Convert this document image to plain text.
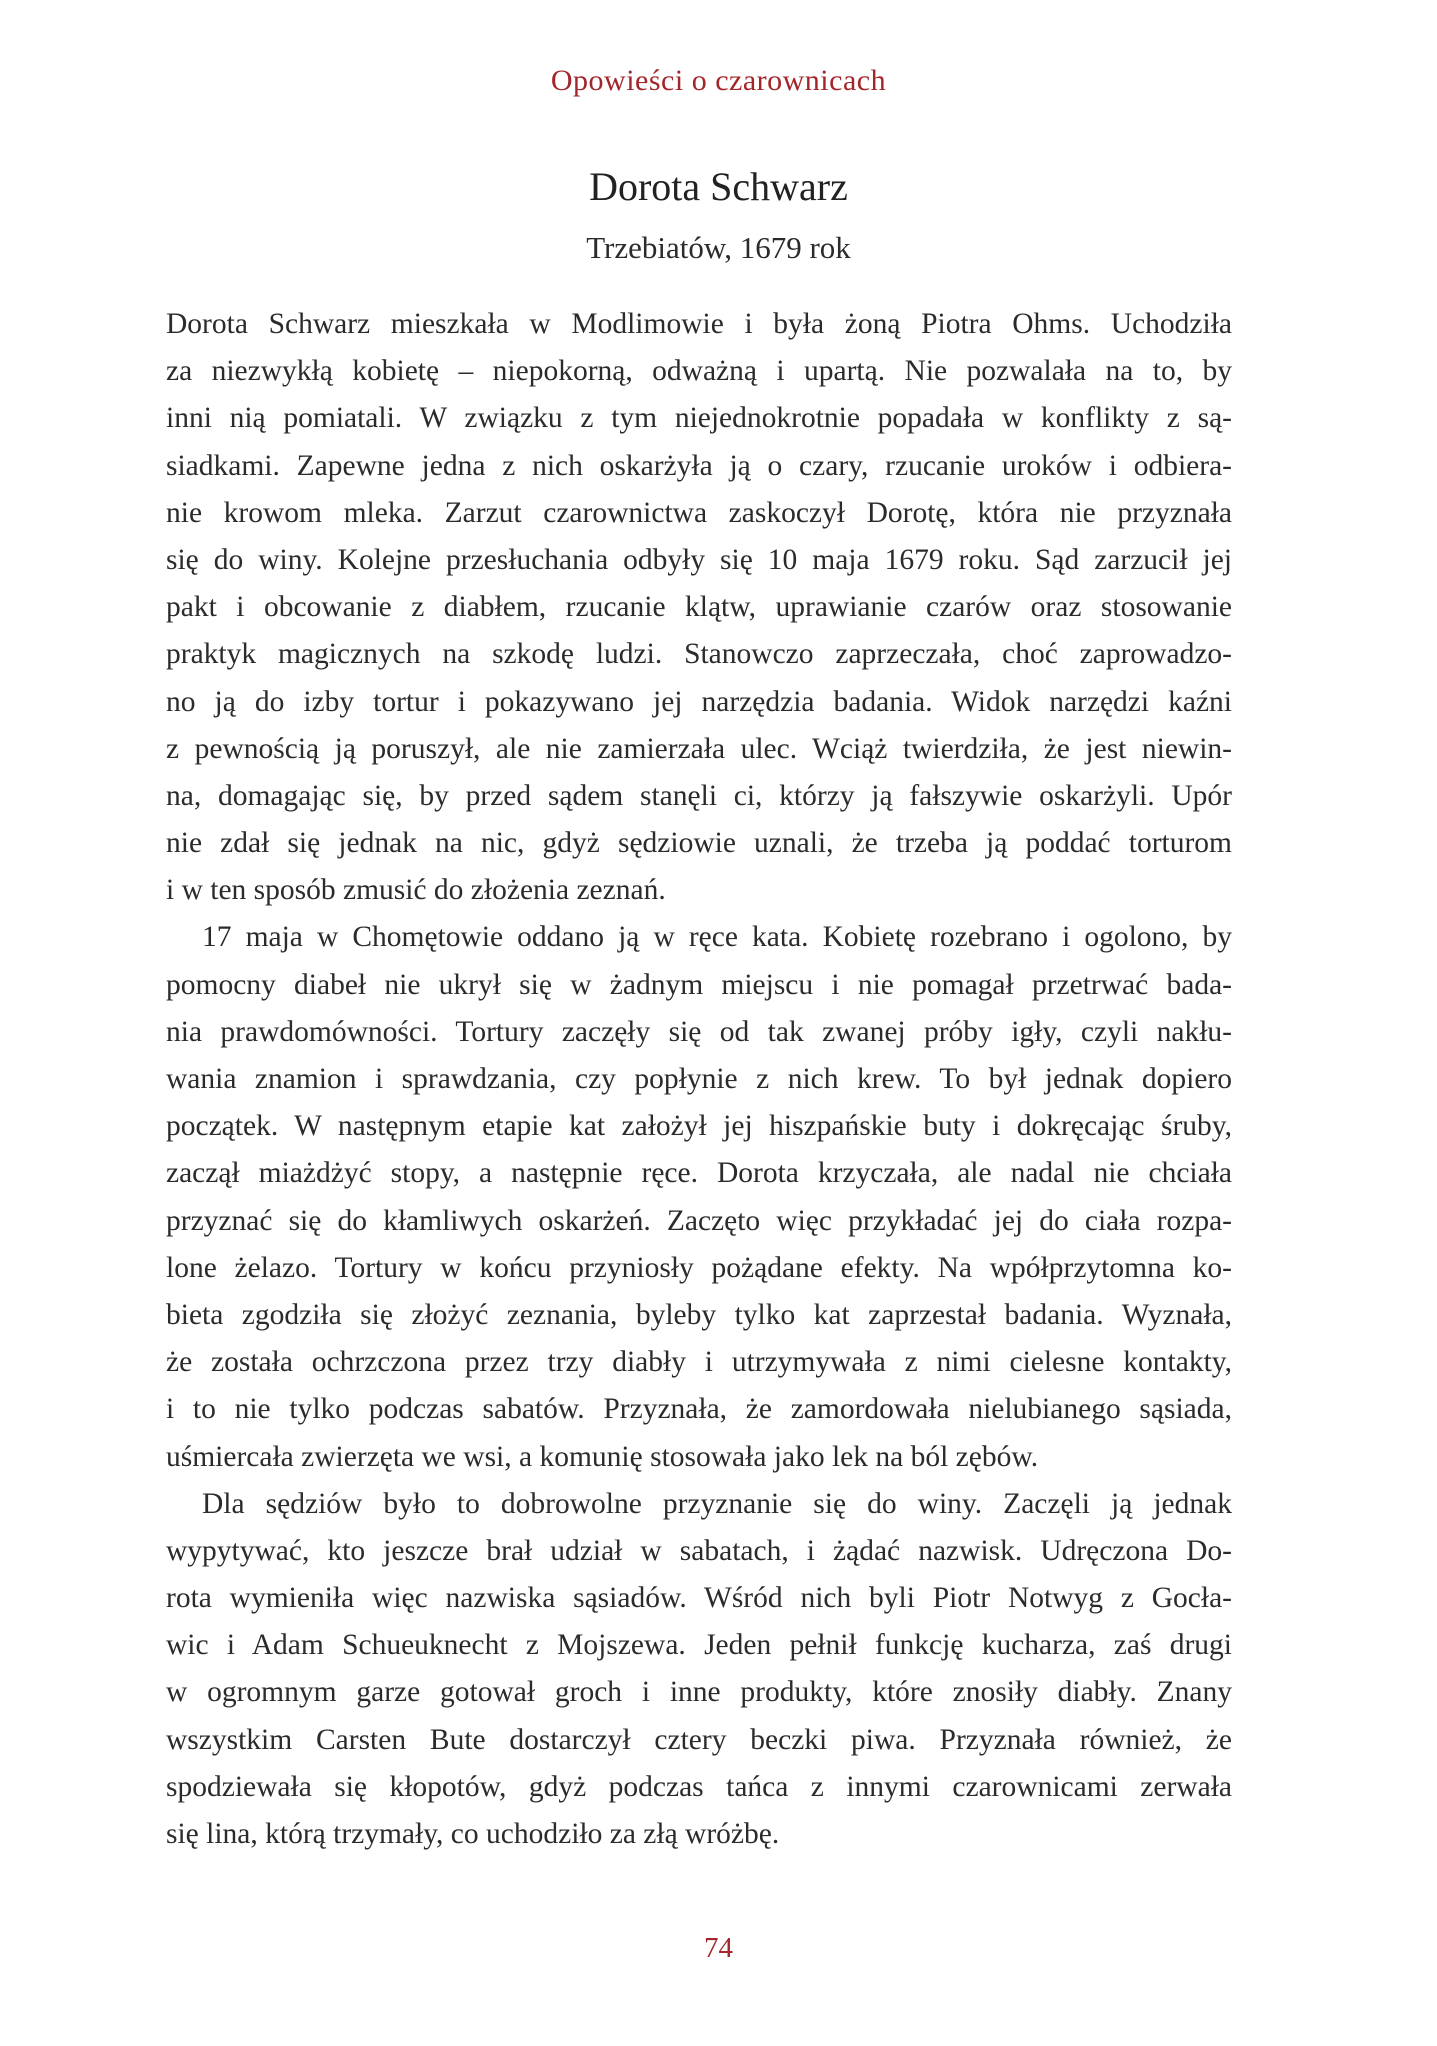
Opowieści o czarownicach
Dorota Schwarz
Trzebiatów, 1679 rok
Dorota Schwarz mieszkała w Modlimowie i była żoną Piotra Ohms. Uchodziła
za niezwykłą kobietę – niepokorną, odważną i upartą. Nie pozwalała na to, by
inni nią pomiatali. W związku z tym niejednokrotnie popadała w konflikty z są-
siadkami. Zapewne jedna z nich oskarżyła ją o czary, rzucanie uroków i odbiera-
nie krowom mleka. Zarzut czarownictwa zaskoczył Dorotę, która nie przyznała
się do winy. Kolejne przesłuchania odbyły się 10 maja 1679 roku. Sąd zarzucił jej
pakt i obcowanie z diabłem, rzucanie klątw, uprawianie czarów oraz stosowanie
praktyk magicznych na szkodę ludzi. Stanowczo zaprzeczała, choć zaprowadzo-
no ją do izby tortur i pokazywano jej narzędzia badania. Widok narzędzi kaźni
z pewnością ją poruszył, ale nie zamierzała ulec. Wciąż twierdziła, że jest niewin-
na, domagając się, by przed sądem stanęli ci, którzy ją fałszywie oskarżyli. Upór
nie zdał się jednak na nic, gdyż sędziowie uznali, że trzeba ją poddać torturom
i w ten sposób zmusić do złożenia zeznań.
17 maja w Chomętowie oddano ją w ręce kata. Kobietę rozebrano i ogolono, by
pomocny diabeł nie ukrył się w żadnym miejscu i nie pomagał przetrwać bada-
nia prawdomówności. Tortury zaczęły się od tak zwanej próby igły, czyli nakłu-
wania znamion i sprawdzania, czy popłynie z nich krew. To był jednak dopiero
początek. W następnym etapie kat założył jej hiszpańskie buty i dokręcając śruby,
zaczął miażdżyć stopy, a następnie ręce. Dorota krzyczała, ale nadal nie chciała
przyznać się do kłamliwych oskarżeń. Zaczęto więc przykładać jej do ciała rozpa-
lone żelazo. Tortury w końcu przyniosły pożądane efekty. Na wpółprzytomna ko-
bieta zgodziła się złożyć zeznania, byleby tylko kat zaprzestał badania. Wyznała,
że została ochrzczona przez trzy diabły i utrzymywała z nimi cielesne kontakty,
i to nie tylko podczas sabatów. Przyznała, że zamordowała nielubianego sąsiada,
uśmiercała zwierzęta we wsi, a komunię stosowała jako lek na ból zębów.
Dla sędziów było to dobrowolne przyznanie się do winy. Zaczęli ją jednak
wypytywać, kto jeszcze brał udział w sabatach, i żądać nazwisk. Udręczona Do-
rota wymieniła więc nazwiska sąsiadów. Wśród nich byli Piotr Notwyg z Gocła-
wic i Adam Schueuknecht z Mojszewa. Jeden pełnił funkcję kucharza, zaś drugi
w ogromnym garze gotował groch i inne produkty, które znosiły diabły. Znany
wszystkim Carsten Bute dostarczył cztery beczki piwa. Przyznała również, że
spodziewała się kłopotów, gdyż podczas tańca z innymi czarownicami zerwała
się lina, którą trzymały, co uchodziło za złą wróżbę.
74
